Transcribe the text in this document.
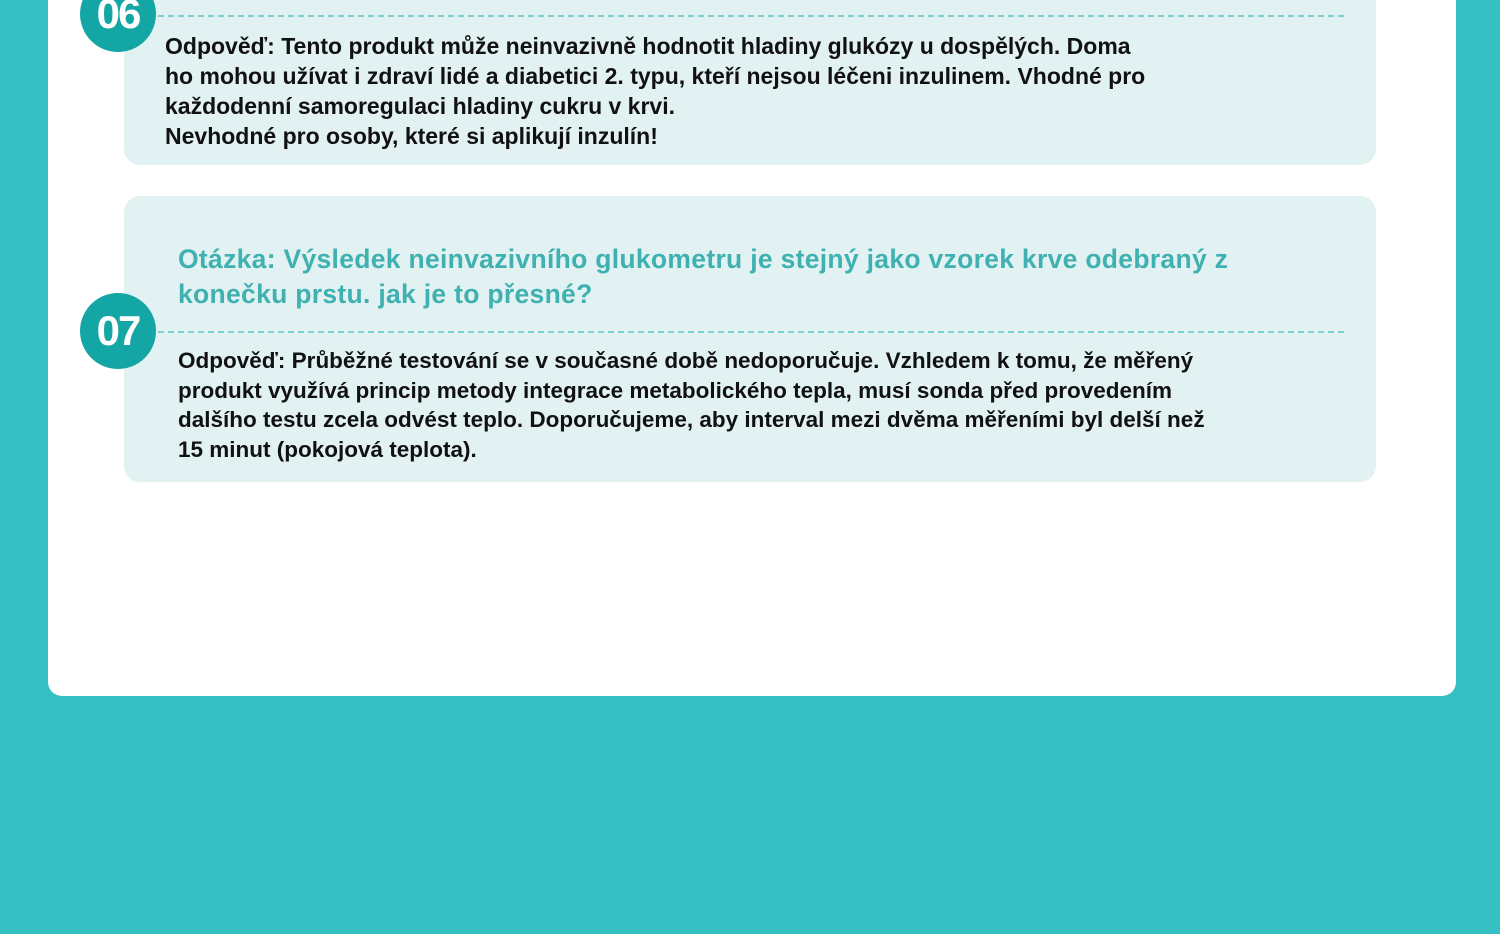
06

Odpověď: Tento produkt může neinvazivně hodnotit hladiny glukózy u dospělých. Doma
ho mohou užívat i zdraví lidé a diabetici 2. typu, kteří nejsou léčeni inzulinem. Vhodné pro
každodenní samoregulaci hladiny cukru v krvi.
Nevhodné pro osoby, které si aplikují inzulín!

Otázka: Výsledek neinvazivního glukometru je stejný jako vzorek krve odebraný z
konečku prstu. jak je to přesné?

07

Odpověď: Průběžné testování se v současné době nedoporučuje. Vzhledem k tomu, že měřený
produkt využívá princip metody integrace metabolického tepla, musí sonda před provedením
dalšího testu zcela odvést teplo. Doporučujeme, aby interval mezi dvěma měřeními byl delší než
15 minut (pokojová teplota).
